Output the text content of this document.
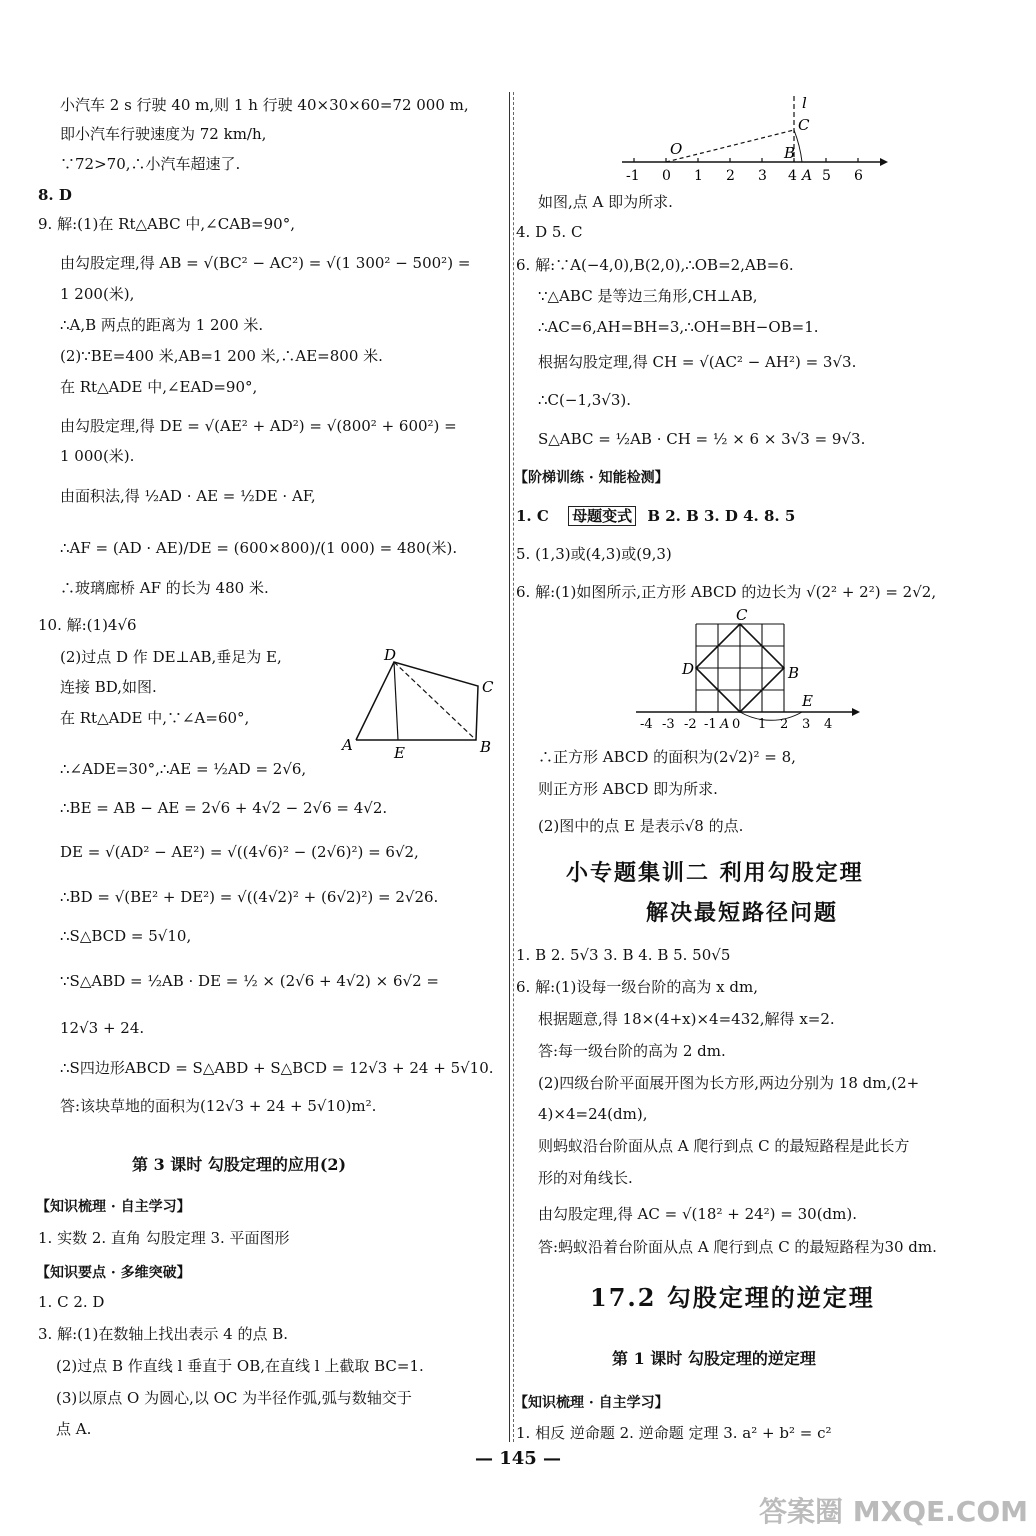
小汽车 2 s 行驶 40 m,则 1 h 行驶 40×30×60=72 000 m,
即小汽车行驶速度为 72 km/h,
∵72>70,∴小汽车超速了.
8. D
9. 解:(1)在 Rt△ABC 中,∠CAB=90°,
由勾股定理,得 AB = √(BC² − AC²) = √(1 300² − 500²) =
1 200(米),
∴A,B 两点的距离为 1 200 米.
(2)∵BE=400 米,AB=1 200 米,∴AE=800 米.
在 Rt△ADE 中,∠EAD=90°,
由勾股定理,得 DE = √(AE² + AD²) = √(800² + 600²) =
1 000(米).
由面积法,得 ½AD · AE = ½DE · AF,
∴AF = (AD · AE)/DE = (600×800)/(1 000) = 480(米).
∴玻璃廊桥 AF 的长为 480 米.
10. 解:(1)4√6
(2)过点 D 作 DE⊥AB,垂足为 E,
连接 BD,如图.
在 Rt△ADE 中,∵∠A=60°,
∴∠ADE=30°,∴AE = ½AD = 2√6,
∴BE = AB − AE = 2√6 + 4√2 − 2√6 = 4√2.
DE = √(AD² − AE²) = √((4√6)² − (2√6)²) = 6√2,
∴BD = √(BE² + DE²) = √((4√2)² + (6√2)²) = 2√26.
∴S△BCD = 5√10,
∵S△ABD = ½AB · DE = ½ × (2√6 + 4√2) × 6√2 =
12√3 + 24.
∴S四边形ABCD = S△ABD + S△BCD = 12√3 + 24 + 5√10.
答:该块草地的面积为(12√3 + 24 + 5√10)m².
1. 实数 2. 直角 勾股定理 3. 平面图形
1. C 2. D
3. 解:(1)在数轴上找出表示 4 的点 B.
(2)过点 B 作直线 l 垂直于 OB,在直线 l 上截取 BC=1.
(3)以原点 O 为圆心,以 OC 为半径作弧,弧与数轴交于
点 A.
如图,点 A 即为所求.
4. D 5. C
6. 解:∵A(−4,0),B(2,0),∴OB=2,AB=6.
∵△ABC 是等边三角形,CH⊥AB,
∴AC=6,AH=BH=3,∴OH=BH−OB=1.
根据勾股定理,得 CH = √(AC² − AH²) = 3√3.
∴C(−1,3√3).
S△ABC = ½AB · CH = ½ × 6 × 3√3 = 9√3.
5. (1,3)或(4,3)或(9,3)
6. 解:(1)如图所示,正方形 ABCD 的边长为 √(2² + 2²) = 2√2,
∴正方形 ABCD 的面积为(2√2)² = 8,
则正方形 ABCD 即为所求.
(2)图中的点 E 是表示√8 的点.
1. B 2. 5√3 3. B 4. B 5. 50√5
6. 解:(1)设每一级台阶的高为 x dm,
根据题意,得 18×(4+x)×4=432,解得 x=2.
答:每一级台阶的高为 2 dm.
(2)四级台阶平面展开图为长方形,两边分别为 18 dm,(2+
4)×4=24(dm),
则蚂蚁沿台阶面从点 A 爬行到点 C 的最短路程是此长方
形的对角线长.
由勾股定理,得 AC = √(18² + 24²) = 30(dm).
答:蚂蚁沿着台阶面从点 A 爬行到点 C 的最短路程为30 dm.
1. 相反 逆命题 2. 逆命题 定理 3. a² + b² = c²
第 3 课时 勾股定理的应用(2)
【知识梳理 · 自主学习】
【知识要点 · 多维突破】
【阶梯训练 · 知能检测】
1. C 母题变式 B 2. B 3. D 4. 8. 5
小专题集训二 利用勾股定理
解决最短路径问题
17.2 勾股定理的逆定理
第 1 课时 勾股定理的逆定理
【知识梳理 · 自主学习】
-1 0 1 2 3 4 A 5 6
O	B
C
l
D
C
A	E	B
C
D	B
E
-4 -3 -2 -1 A 0 1 2 3 4
— 145 —
答案圈 MXQE.COM
